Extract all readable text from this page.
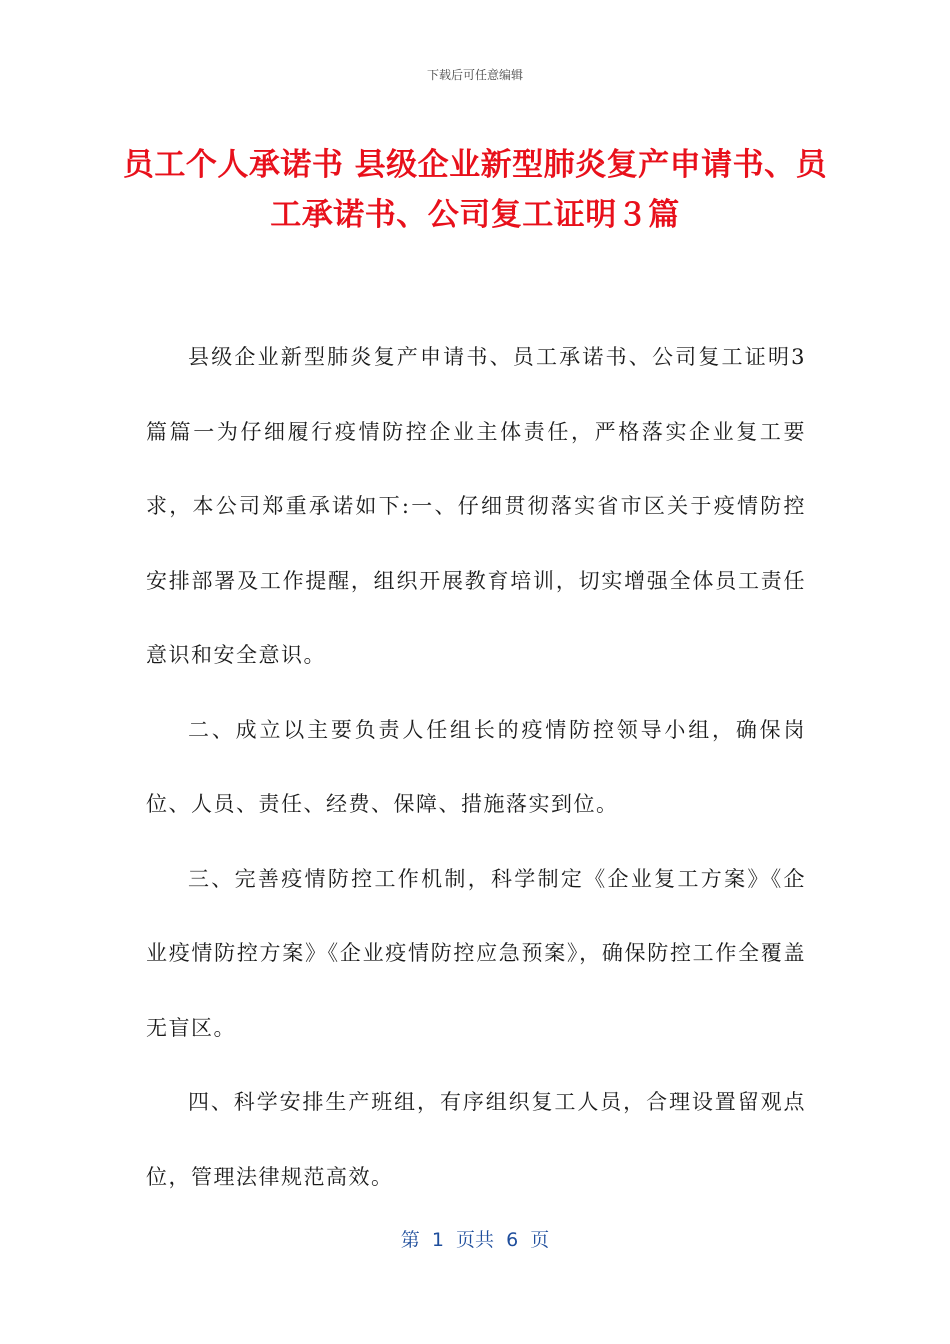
下载后可任意编辑
员工个人承诺书 县级企业新型肺炎复产申请书、员工承诺书、公司复工证明３篇

县级企业新型肺炎复产申请书、员工承诺书、公司复工证明3篇篇一为仔细履行疫情防控企业主体责任，严格落实企业复工要求，本公司郑重承诺如下:一、仔细贯彻落实省市区关于疫情防控安排部署及工作提醒，组织开展教育培训，切实增强全体员工责任意识和安全意识。

二、成立以主要负责人任组长的疫情防控领导小组，确保岗位、人员、责任、经费、保障、措施落实到位。

三、完善疫情防控工作机制，科学制定《企业复工方案》《企业疫情防控方案》《企业疫情防控应急预案》，确保防控工作全覆盖无盲区。

四、科学安排生产班组，有序组织复工人员，合理设置留观点位，管理法律规范高效。

第  1  页共  6  页
